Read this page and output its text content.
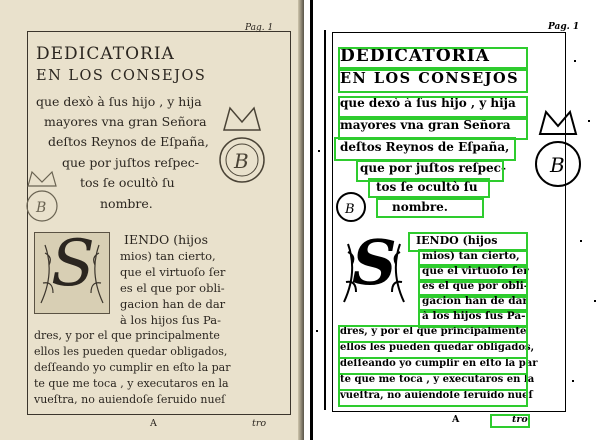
Pag. 1
DEDICATORIA
EN LOS CONSEJOS
que dexò à ſus hijo , y hija
mayores vna gran Señora
deſtos Reynos de Eſpaña,
que por juſtos reſpec-
tos ſe ocultò ſu
nombre.
S IENDO (hijos
mios) tan cierto,
que el virtuoſo ſer
es el que por obli-
gacion han de dar
à los hijos ſus Pa-
dres, y por el que principalmente
ellos les pueden quedar obligados,
deſſeando yo cumplir en eſto la par
te que me toca , y executaros en la
vueſtra, no auiendoſe ſeruido nueſ
A	tro
B
B
Pag. 1
DEDICATORIA
EN LOS CONSEJOS
que dexò à ſus hijo , y hija
mayores vna gran Señora
deſtos Reynos de Eſpaña,
que por juſtos reſpec-
tos ſe ocultò ſu
nombre.
S IENDO (hijos
mios) tan cierto,
que el virtuoſo ſer
es el que por obli-
gacion han de dar
à los hijos ſus Pa-
dres, y por el que principalmente
ellos les pueden quedar obligados,
deſſeando yo cumplir en eſto la par
te que me toca , y executaros en la
vueſtra, no auiendoſe ſeruido nueſ
A	tro
B
B
